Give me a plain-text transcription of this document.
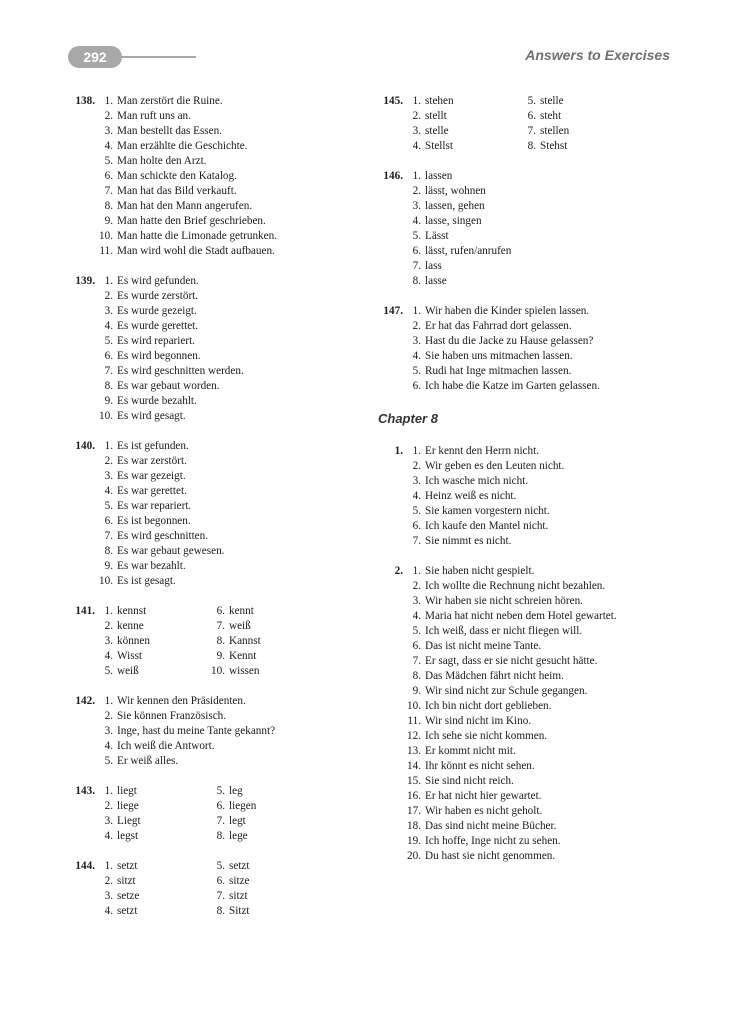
292	Answers to Exercises
138. 1. Man zerstört die Ruine.
2. Man ruft uns an.
3. Man bestellt das Essen.
4. Man erzählte die Geschichte.
5. Man holte den Arzt.
6. Man schickte den Katalog.
7. Man hat das Bild verkauft.
8. Man hat den Mann angerufen.
9. Man hatte den Brief geschrieben.
10. Man hatte die Limonade getrunken.
11. Man wird wohl die Stadt aufbauen.
139. 1. Es wird gefunden.
2. Es wurde zerstört.
3. Es wurde gezeigt.
4. Es wurde gerettet.
5. Es wird repariert.
6. Es wird begonnen.
7. Es wird geschnitten werden.
8. Es war gebaut worden.
9. Es wurde bezahlt.
10. Es wird gesagt.
140. 1. Es ist gefunden.
2. Es war zerstört.
3. Es war gezeigt.
4. Es war gerettet.
5. Es war repariert.
6. Es ist begonnen.
7. Es wird geschnitten.
8. Es war gebaut gewesen.
9. Es war bezahlt.
10. Es ist gesagt.
141. 1. kennst
2. kenne
3. können
4. Wisst
5. weiß
6. kennt
7. weiß
8. Kannst
9. Kennt
10. wissen
142. 1. Wir kennen den Präsidenten.
2. Sie können Französisch.
3. Inge, hast du meine Tante gekannt?
4. Ich weiß die Antwort.
5. Er weiß alles.
143. 1. liegt
2. liege
3. Liegt
4. legst
5. leg
6. liegen
7. legt
8. lege
144. 1. setzt
2. sitzt
3. setze
4. setzt
5. setzt
6. sitze
7. sitzt
8. Sitzt
145. 1. stehen
2. stellt
3. stelle
4. Stellst
5. stelle
6. steht
7. stellen
8. Stehst
146. 1. lassen
2. lässt, wohnen
3. lassen, gehen
4. lasse, singen
5. Lässt
6. lässt, rufen/anrufen
7. lass
8. lasse
147. 1. Wir haben die Kinder spielen lassen.
2. Er hat das Fahrrad dort gelassen.
3. Hast du die Jacke zu Hause gelassen?
4. Sie haben uns mitmachen lassen.
5. Rudi hat Inge mitmachen lassen.
6. Ich habe die Katze im Garten gelassen.
Chapter 8
1. 1. Er kennt den Herrn nicht.
2. Wir geben es den Leuten nicht.
3. Ich wasche mich nicht.
4. Heinz weiß es nicht.
5. Sie kamen vorgestern nicht.
6. Ich kaufe den Mantel nicht.
7. Sie nimmt es nicht.
2. 1. Sie haben nicht gespielt.
2. Ich wollte die Rechnung nicht bezahlen.
3. Wir haben sie nicht schreien hören.
4. Maria hat nicht neben dem Hotel gewartet.
5. Ich weiß, dass er nicht fliegen will.
6. Das ist nicht meine Tante.
7. Er sagt, dass er sie nicht gesucht hätte.
8. Das Mädchen fährt nicht heim.
9. Wir sind nicht zur Schule gegangen.
10. Ich bin nicht dort geblieben.
11. Wir sind nicht im Kino.
12. Ich sehe sie nicht kommen.
13. Er kommt nicht mit.
14. Ihr könnt es nicht sehen.
15. Sie sind nicht reich.
16. Er hat nicht hier gewartet.
17. Wir haben es nicht geholt.
18. Das sind nicht meine Bücher.
19. Ich hoffe, Inge nicht zu sehen.
20. Du hast sie nicht genommen.
